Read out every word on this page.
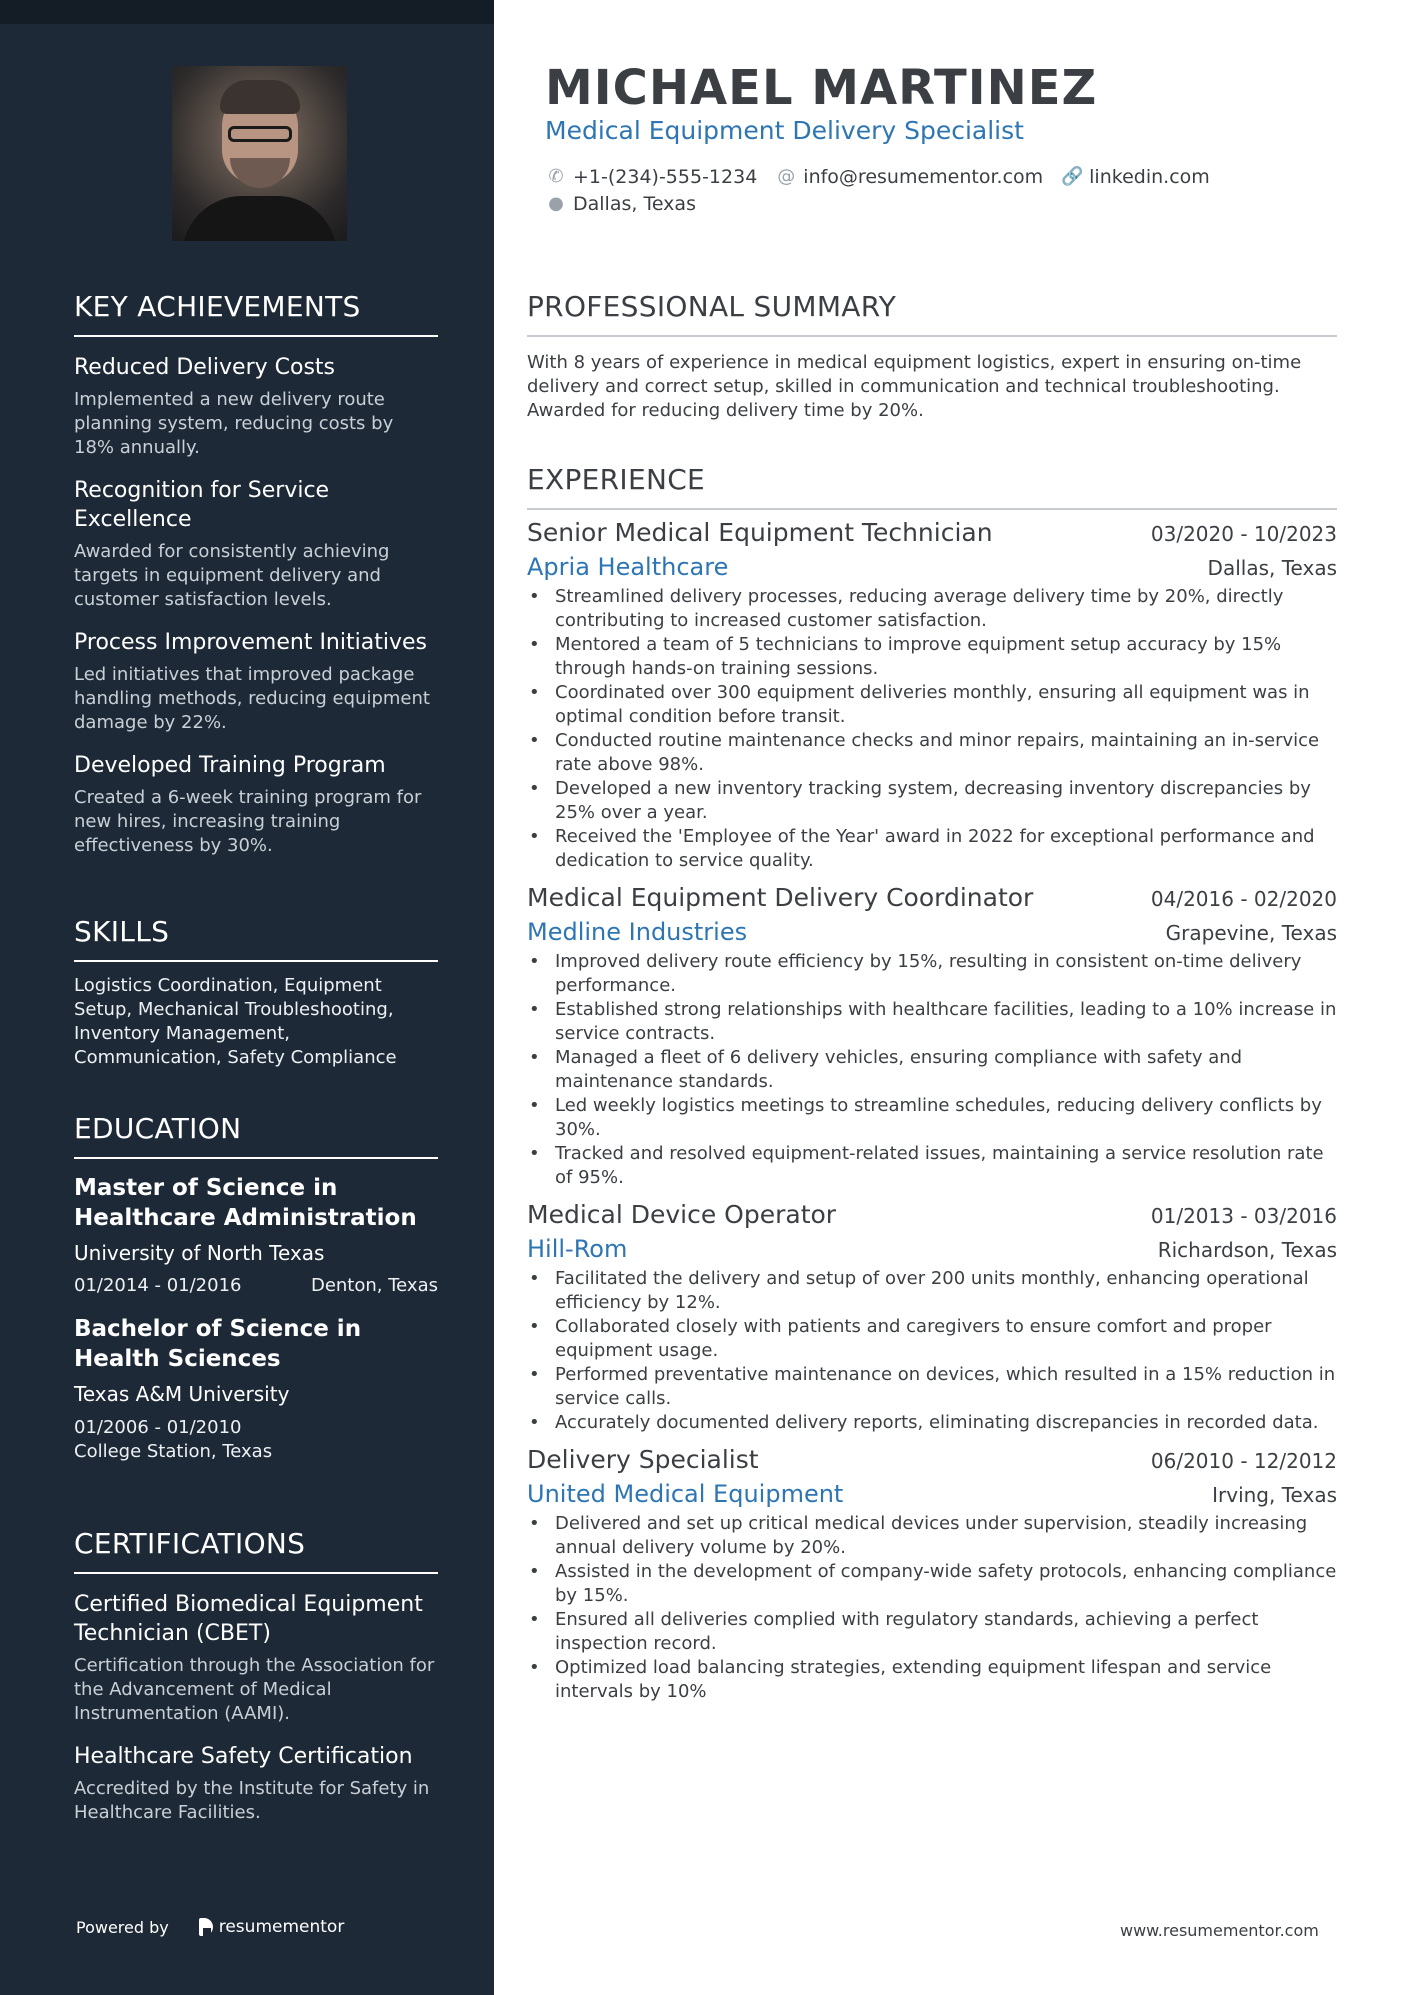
KEY ACHIEVEMENTS
Reduced Delivery Costs

Implemented a new delivery route planning system, reducing costs by 18% annually.

Recognition for Service Excellence

Awarded for consistently achieving targets in equipment delivery and customer satisfaction levels.

Process Improvement Initiatives

Led initiatives that improved package handling methods, reducing equipment damage by 22%.

Developed Training Program

Created a 6-week training program for new hires, increasing training effectiveness by 30%.

SKILLS

Logistics Coordination, Equipment Setup, Mechanical Troubleshooting, Inventory Management, Communication, Safety Compliance

EDUCATION
Master of Science in Healthcare Administration
University of North Texas
01/2014 - 01/2016	Denton, Texas
Bachelor of Science in Health Sciences
Texas A&M University
01/2006 - 01/2010
College Station, Texas
CERTIFICATIONS
Certified Biomedical Equipment Technician (CBET)

Certification through the Association for the Advancement of Medical Instrumentation (AAMI).

Healthcare Safety Certification

Accredited by the Institute for Safety in Healthcare Facilities.

Powered by	resumementor
MICHAEL MARTINEZ
Medical Equipment Delivery Specialist
✆ +1-(234)-555-1234 @ info@resumementor.com 🔗 linkedin.com
● Dallas, Texas
PROFESSIONAL SUMMARY

With 8 years of experience in medical equipment logistics, expert in ensuring on-time delivery and correct setup, skilled in communication and technical troubleshooting. Awarded for reducing delivery time by 20%.

EXPERIENCE
Senior Medical Equipment Technician	03/2020 - 10/2023
Apria Healthcare	Dallas, Texas
• Streamlined delivery processes, reducing average delivery time by 20%, directly contributing to increased customer satisfaction.
• Mentored a team of 5 technicians to improve equipment setup accuracy by 15% through hands-on training sessions.
• Coordinated over 300 equipment deliveries monthly, ensuring all equipment was in optimal condition before transit.
• Conducted routine maintenance checks and minor repairs, maintaining an in-service rate above 98%.
• Developed a new inventory tracking system, decreasing inventory discrepancies by 25% over a year.
• Received the 'Employee of the Year' award in 2022 for exceptional performance and dedication to service quality.
Medical Equipment Delivery Coordinator	04/2016 - 02/2020
Medline Industries	Grapevine, Texas
• Improved delivery route efficiency by 15%, resulting in consistent on-time delivery performance.
• Established strong relationships with healthcare facilities, leading to a 10% increase in service contracts.
• Managed a fleet of 6 delivery vehicles, ensuring compliance with safety and maintenance standards.
• Led weekly logistics meetings to streamline schedules, reducing delivery conflicts by 30%.
• Tracked and resolved equipment-related issues, maintaining a service resolution rate of 95%.
Medical Device Operator	01/2013 - 03/2016
Hill-Rom	Richardson, Texas
• Facilitated the delivery and setup of over 200 units monthly, enhancing operational efficiency by 12%.
• Collaborated closely with patients and caregivers to ensure comfort and proper equipment usage.
• Performed preventative maintenance on devices, which resulted in a 15% reduction in service calls.
• Accurately documented delivery reports, eliminating discrepancies in recorded data.
Delivery Specialist	06/2010 - 12/2012
United Medical Equipment	Irving, Texas
• Delivered and set up critical medical devices under supervision, steadily increasing annual delivery volume by 20%.
• Assisted in the development of company-wide safety protocols, enhancing compliance by 15%.
• Ensured all deliveries complied with regulatory standards, achieving a perfect inspection record.
• Optimized load balancing strategies, extending equipment lifespan and service intervals by 10%
www.resumementor.com
